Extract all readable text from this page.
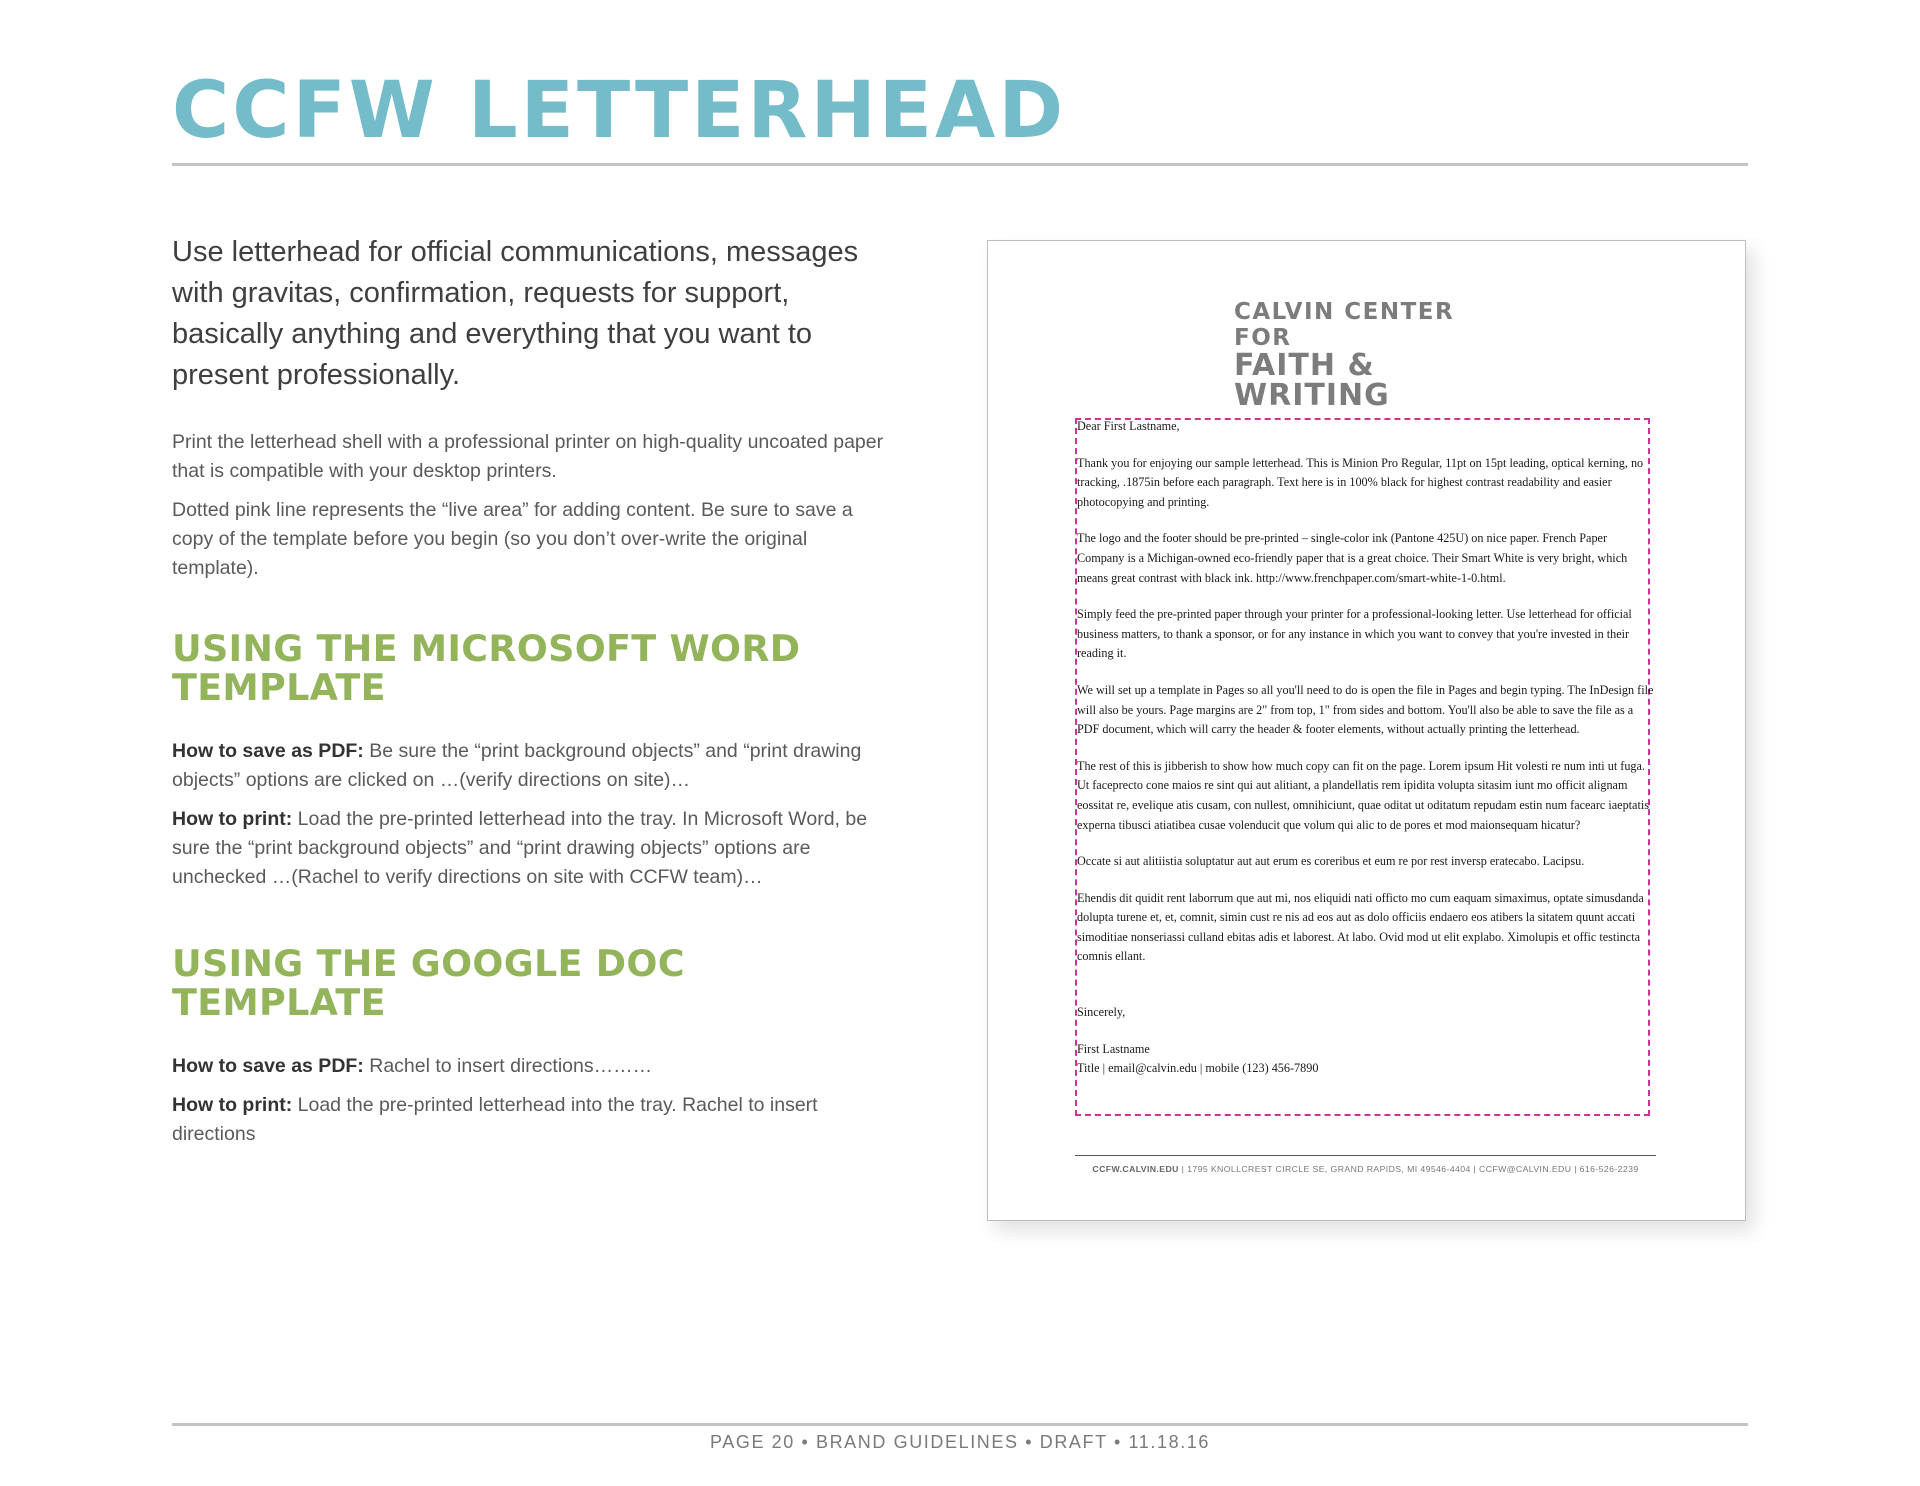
CCFW LETTERHEAD

Use letterhead for official communications, messages with gravitas, confirmation, requests for support, basically anything and everything that you want to present professionally.

Print the letterhead shell with a professional printer on high-quality uncoated paper that is compatible with your desktop printers.

Dotted pink line represents the “live area” for adding content. Be sure to save a copy of the template before you begin (so you don’t over-write the original template).

USING THE MICROSOFT WORD TEMPLATE

How to save as PDF: Be sure the “print background objects” and “print drawing objects” options are clicked on …(verify directions on site)…

How to print: Load the pre-printed letterhead into the tray. In Microsoft Word, be sure the “print background objects” and “print drawing objects” options are unchecked …(Rachel to verify directions on site with CCFW team)…

USING THE GOOGLE DOC TEMPLATE

How to save as PDF: Rachel to insert directions………

How to print: Load the pre-printed letterhead into the tray. Rachel to insert directions

CALVIN CENTER FOR
FAITH & WRITING

Dear First Lastname,

Thank you for enjoying our sample letterhead. This is Minion Pro Regular, 11pt on 15pt leading, optical kerning, no tracking, .1875in before each paragraph. Text here is in 100% black for highest contrast readability and easier photocopying and printing.

The logo and the footer should be pre-printed – single-color ink (Pantone 425U) on nice paper. French Paper Company is a Michigan-owned eco-friendly paper that is a great choice. Their Smart White is very bright, which means great contrast with black ink. http://www.frenchpaper.com/smart-white-1-0.html.

Simply feed the pre-printed paper through your printer for a professional-looking letter. Use letterhead for official business matters, to thank a sponsor, or for any instance in which you want to convey that you're invested in their reading it.

We will set up a template in Pages so all you'll need to do is open the file in Pages and begin typing. The InDesign file will also be yours. Page margins are 2" from top, 1" from sides and bottom. You'll also be able to save the file as a PDF document, which will carry the header & footer elements, without actually printing the letterhead.

The rest of this is jibberish to show how much copy can fit on the page. Lorem ipsum Hit volesti re num inti ut fuga. Ut faceprecto cone maios re sint qui aut alitiant, a plandellatis rem ipidita volupta sitasim iunt mo officit alignam eossitat re, evelique atis cusam, con nullest, omnihiciunt, quae oditat ut oditatum repudam estin num facearc iaeptatis experna tibusci atiatibea cusae volenducit que volum qui alic to de pores et mod maionsequam hicatur?

Occate si aut alitiistia soluptatur aut aut erum es coreribus et eum re por rest inversp eratecabo. Lacipsu.

Ehendis dit quidit rent laborrum que aut mi, nos eliquidi nati officto mo cum eaquam simaximus, optate simusdanda dolupta turene et, et, comnit, simin cust re nis ad eos aut as dolo officiis endaero eos atibers la sitatem quunt accati simoditiae nonseriassi culland ebitas adis et laborest. At labo. Ovid mod ut elit explabo. Ximolupis et offic testincta comnis ellant.

Sincerely,

First Lastname
Title | email@calvin.edu | mobile (123) 456-7890
CCFW.CALVIN.EDU | 1795 KNOLLCREST CIRCLE SE, GRAND RAPIDS, MI 49546-4404 | CCFW@CALVIN.EDU | 616-526-2239
PAGE 20 • BRAND GUIDELINES • DRAFT • 11.18.16
